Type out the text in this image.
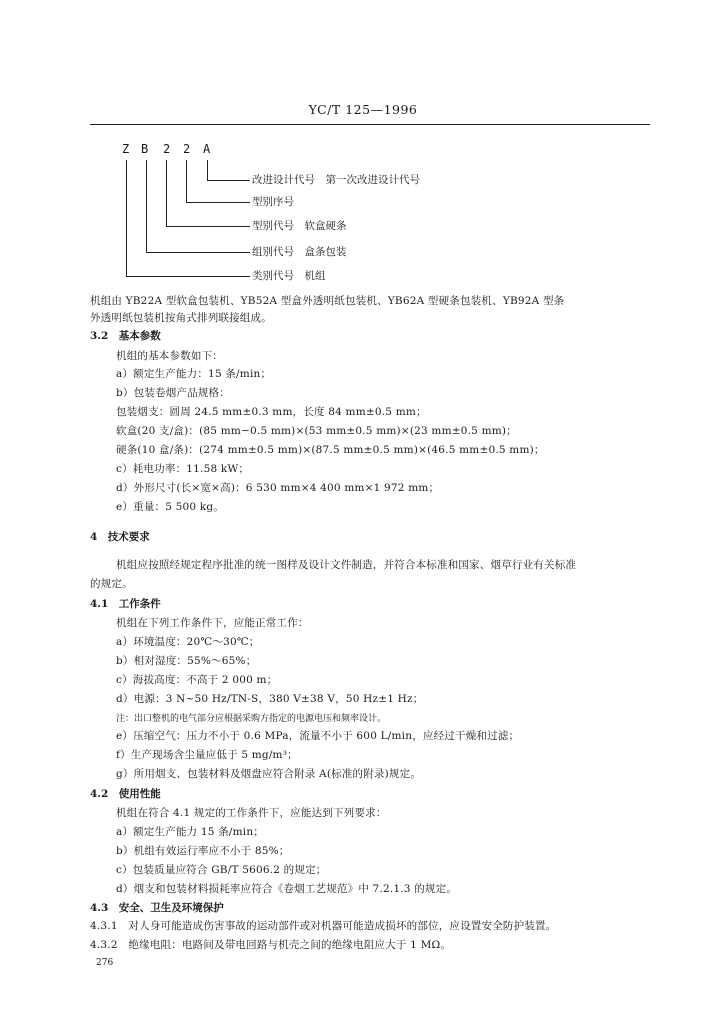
YC/T 125—1996
Z B 2 2 A
改进设计代号　第一次改进设计代号
型别序号
型别代号　软盒硬条
组别代号　盒条包装
类别代号　机组
机组由 YB22A 型软盒包装机、YB52A 型盒外透明纸包装机、YB62A 型硬条包装机、YB92A 型条
外透明纸包装机按角式排列联接组成。
3.2　基本参数
机组的基本参数如下：
a）额定生产能力：15 条/min；
b）包装卷烟产品规格：
包装烟支：圆周 24.5 mm±0.3 mm，长度 84 mm±0.5 mm；
软盒(20 支/盒)：(85 mm−0.5 mm)×(53 mm±0.5 mm)×(23 mm±0.5 mm)；
硬条(10 盒/条)：(274 mm±0.5 mm)×(87.5 mm±0.5 mm)×(46.5 mm±0.5 mm)；
c）耗电功率：11.58 kW；
d）外形尺寸(长×宽×高)：6 530 mm×4 400 mm×1 972 mm；
e）重量：5 500 kg。
4　技术要求
机组应按照经规定程序批准的统一图样及设计文件制造，并符合本标准和国家、烟草行业有关标准
的规定。
4.1　工作条件
机组在下列工作条件下，应能正常工作：
a）环境温度：20℃～30℃；
b）相对湿度：55%～65%；
c）海拔高度：不高于 2 000 m；
d）电源：3 N~50 Hz/TN-S，380 V±38 V，50 Hz±1 Hz；
注：出口整机的电气部分应根据采购方指定的电源电压和频率设计。
e）压缩空气：压力不小于 0.6 MPa，流量不小于 600 L/min，应经过干燥和过滤；
f）生产现场含尘量应低于 5 mg/m³；
g）所用烟支、包装材料及烟盘应符合附录 A(标准的附录)规定。
4.2　使用性能
机组在符合 4.1 规定的工作条件下，应能达到下列要求：
a）额定生产能力 15 条/min；
b）机组有效运行率应不小于 85%；
c）包装质量应符合 GB/T 5606.2 的规定；
d）烟支和包装材料损耗率应符合《卷烟工艺规范》中 7.2.1.3 的规定。
4.3　安全、卫生及环境保护
4.3.1　对人身可能造成伤害事故的运动部件或对机器可能造成损坏的部位，应设置安全防护装置。
4.3.2　绝缘电阻：电路间及带电回路与机壳之间的绝缘电阻应大于 1 MΩ。
276
